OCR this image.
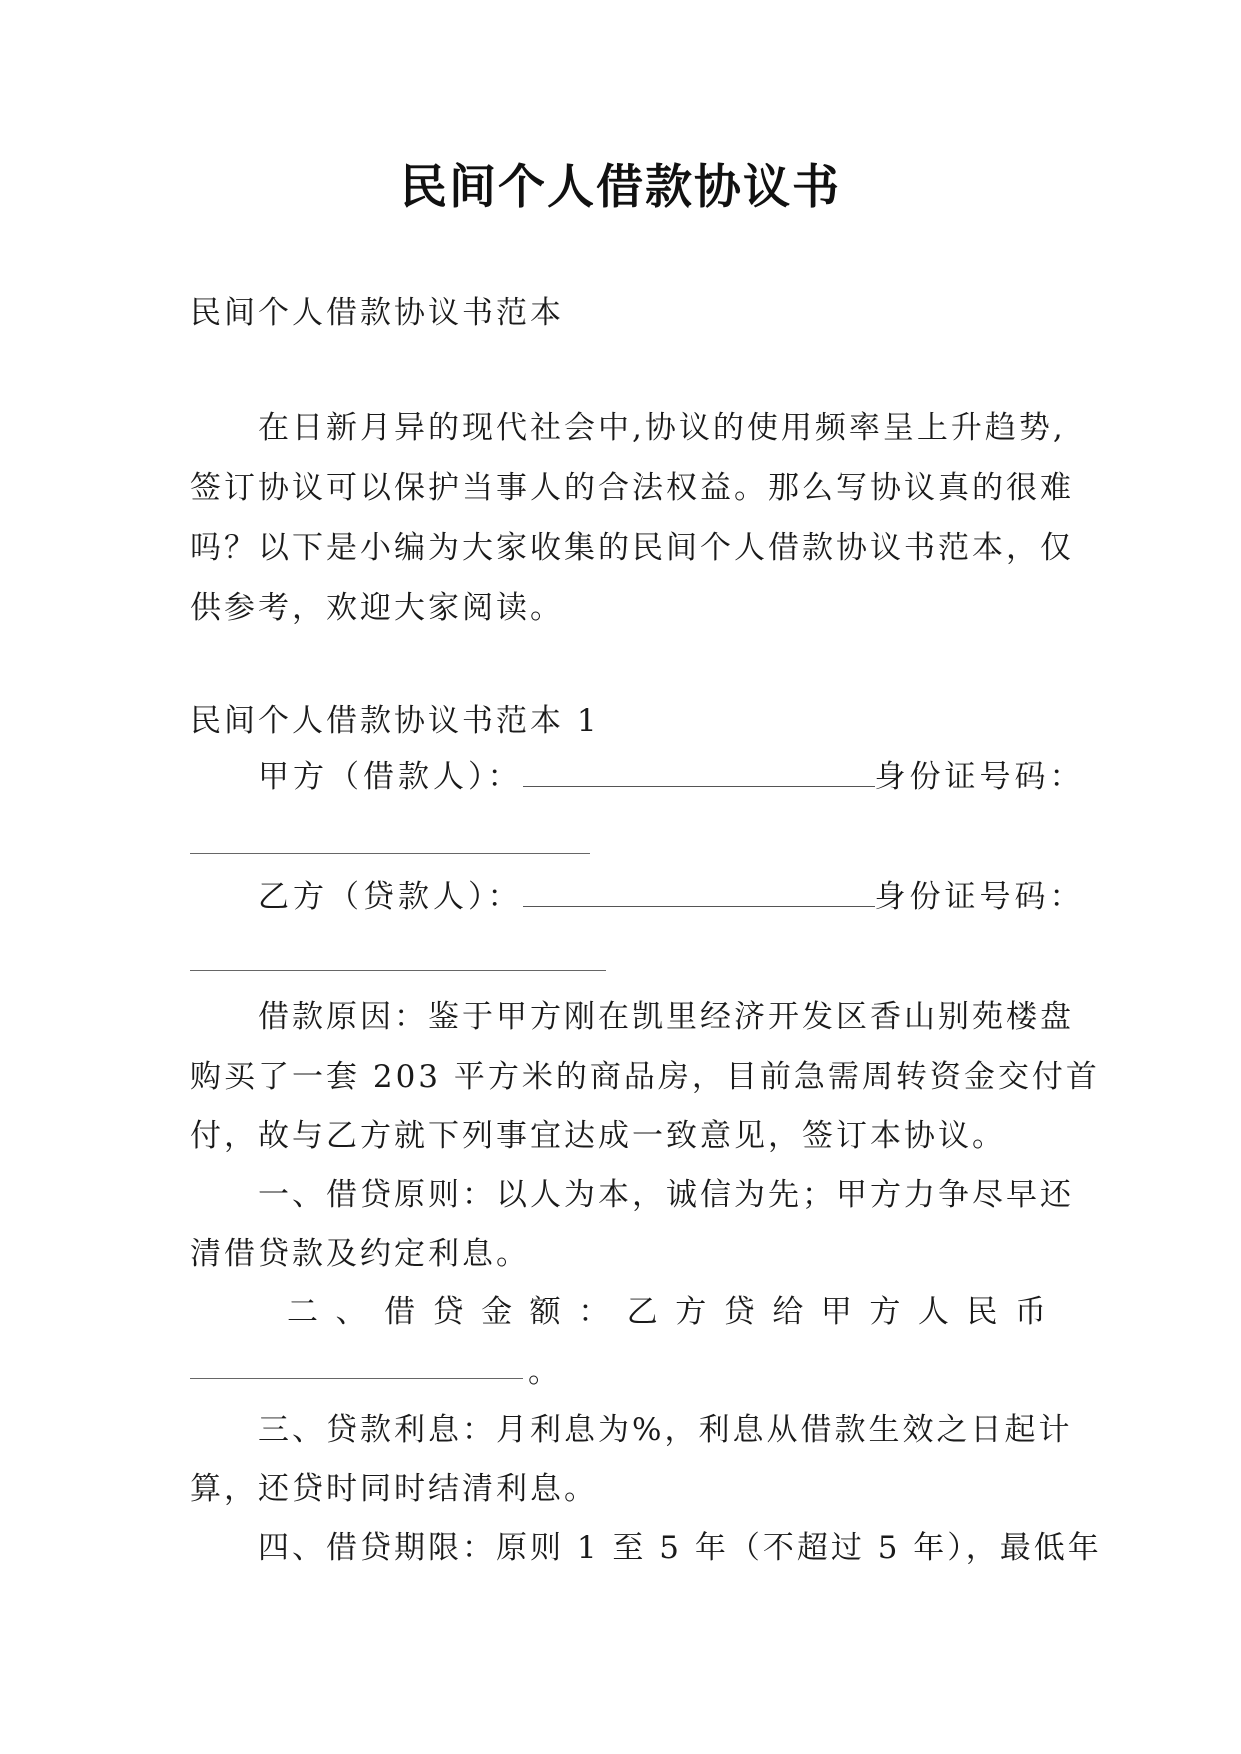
民间个人借款协议书
民间个人借款协议书范本
在日新月异的现代社会中,协议的使用频率呈上升趋势,
签订协议可以保护当事人的合法权益。那么写协议真的很难
吗？以下是小编为大家收集的民间个人借款协议书范本，仅
供参考，欢迎大家阅读。
民间个人借款协议书范本 1
甲方（借款人）：	身份证号码：
乙方（贷款人）：	身份证号码：
借款原因：鉴于甲方刚在凯里经济开发区香山别苑楼盘
购买了一套 203 平方米的商品房，目前急需周转资金交付首
付，故与乙方就下列事宜达成一致意见，签订本协议。
一、借贷原则：以人为本，诚信为先；甲方力争尽早还
清借贷款及约定利息。
二 、 借 贷 金 额 ： 乙 方 贷 给 甲 方 人 民 币
。
三、贷款利息：月利息为%，利息从借款生效之日起计
算，还贷时同时结清利息。
四、借贷期限：原则 1 至 5 年（不超过 5 年），最低年
